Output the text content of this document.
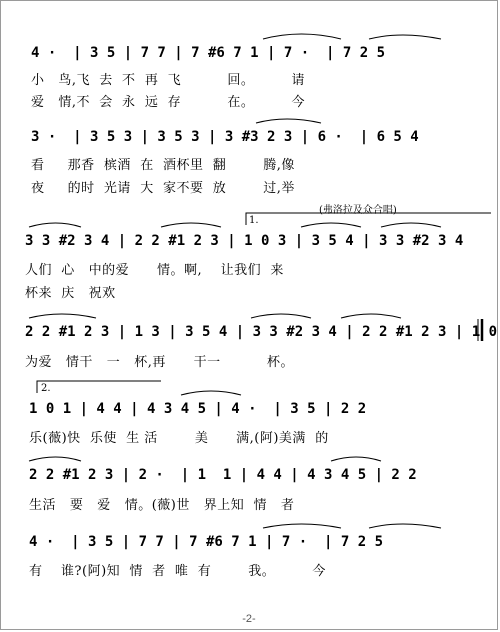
4 ·  | 3 5 | 7 7 | 7 #6 7 1 | 7 ·  | 7 2 5
小   鸟,飞  去  不  再  飞          回。        请
爱   情,不  会  永  远  存          在。        今
3 ·  | 3 5 3 | 3 5 3 | 3 #3 2 3 | 6 ·  | 6 5 4
看     那香  槟酒  在  酒杯里  翻        腾,像
夜     的时  光请  大  家不要  放        过,举
(弗洛拉及众合唱)
1.
3 3 #2 3 4 | 2 2 #1 2 3 | 1 0 3 | 3 5 4 | 3 3 #2 3 4
人们  心   中的爱      情。啊,    让我们  来
杯来  庆   祝欢
2 2 #1 2 3 | 1 3 | 3 5 4 | 3 3 #2 3 4 | 2 2 #1 2 3 | 1 0
为爱   情干   一   杯,再      干一          杯。
2.
1 0 1 | 4 4 | 4 3 4 5 | 4 ·  | 3 5 | 2 2
乐(薇)快  乐使  生 活        美      满,(阿)美满  的
2 2 #1 2 3 | 2 ·  | 1  1 | 4 4 | 4 3 4 5 | 2 2
生活   要   爱   情。(薇)世   界上知  情   者
4 ·  | 3 5 | 7 7 | 7 #6 7 1 | 7 ·  | 7 2 5
有    谁?(阿)知  情  者  唯  有        我。        今
-2-
